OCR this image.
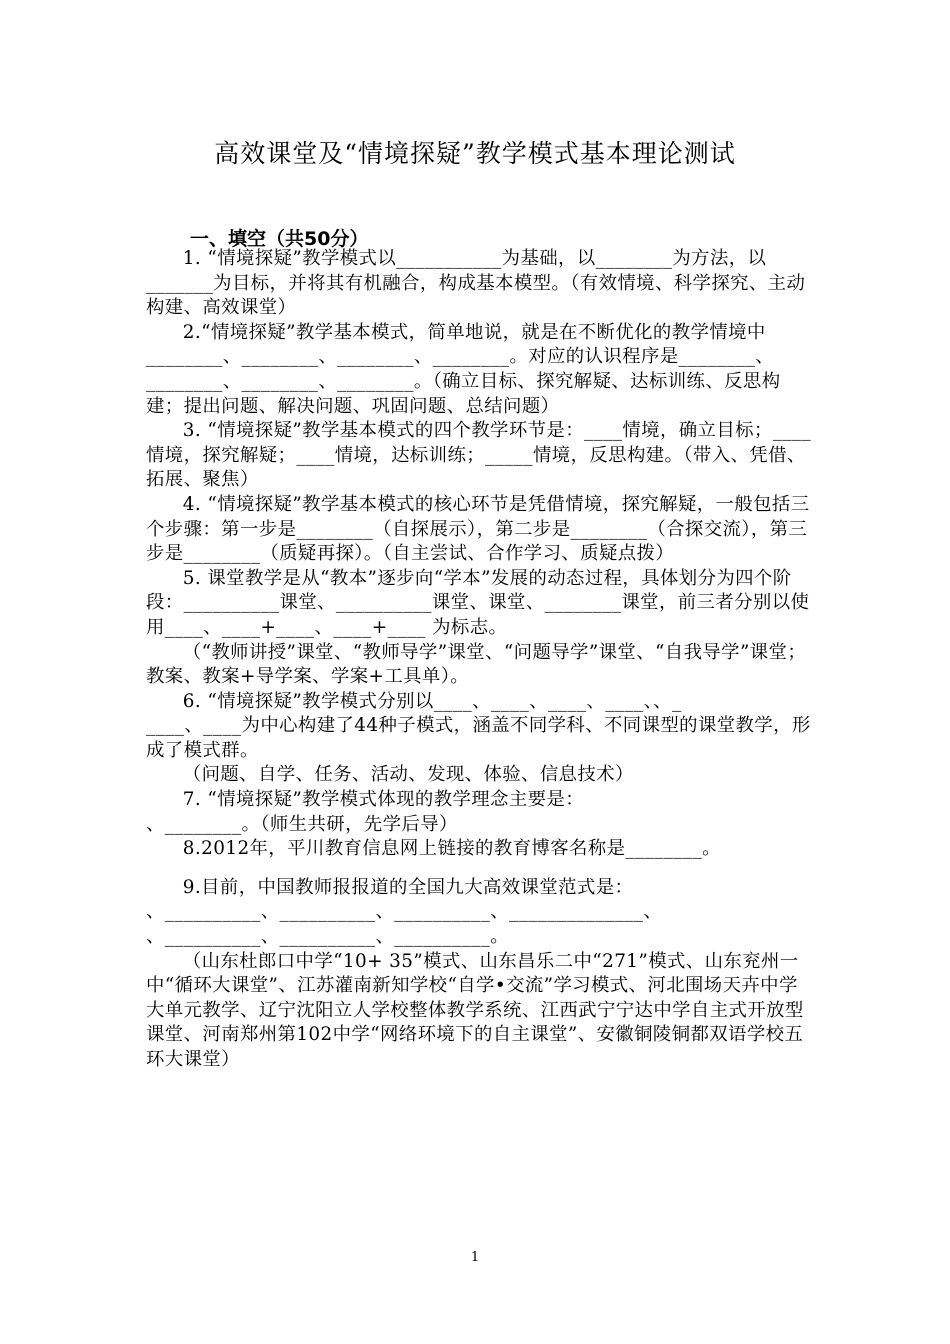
高效课堂及“情境探疑”教学模式基本理论测试
一、填空（共50分）

1. “情境探疑”教学模式以___________为基础，以________为方法，以_______为目标，并将其有机融合，构成基本模型。（有效情境、科学探究、主动构建、高效课堂）

2.“情境探疑”教学基本模式，简单地说，就是在不断优化的教学情境中________、________、________、________。对应的认识程序是________、________、________、________。（确立目标、探究解疑、达标训练、反思构建；提出问题、解决问题、巩固问题、总结问题）

3. “情境探疑”教学基本模式的四个教学环节是：____情境，确立目标；____情境，探究解疑；____情境，达标训练；_____情境，反思构建。（带入、凭借、拓展、聚焦）

4. “情境探疑”教学基本模式的核心环节是凭借情境，探究解疑，一般包括三个步骤：第一步是________（自探展示），第二步是________（合探交流），第三步是________（质疑再探）。（自主尝试、合作学习、质疑点拨）

5. 课堂教学是从“教本”逐步向“学本”发展的动态过程，具体划分为四个阶段：__________课堂、__________课堂、课堂、________课堂，前三者分别以使用____、____+____、____+____ 为标志。

（“教师讲授”课堂、“教师导学”课堂、“问题导学”课堂、“自我导学”课堂；教案、教案+导学案、学案+工具单）。

6. “情境探疑”教学模式分别以____、____、____、____、、_

____、____为中心构建了44种子模式，涵盖不同学科、不同课型的课堂教学，形成了模式群。

（问题、自学、任务、活动、发现、体验、信息技术）

7. “情境探疑”教学模式体现的教学理念主要是：

、________。（师生共研，先学后导）

8.2012年，平川教育信息网上链接的教育博客名称是________。

9.目前，中国教师报报道的全国九大高效课堂范式是：

、__________、__________、__________、______________、

、__________、__________、__________。

（山东杜郎口中学“10+ 35”模式、山东昌乐二中“271”模式、山东兖州一中“循环大课堂”、江苏灌南新知学校“自学•交流”学习模式、河北围场天卉中学大单元教学、辽宁沈阳立人学校整体教学系统、江西武宁宁达中学自主式开放型课堂、河南郑州第102中学“网络环境下的自主课堂”、安徽铜陵铜都双语学校五环大课堂）

1
